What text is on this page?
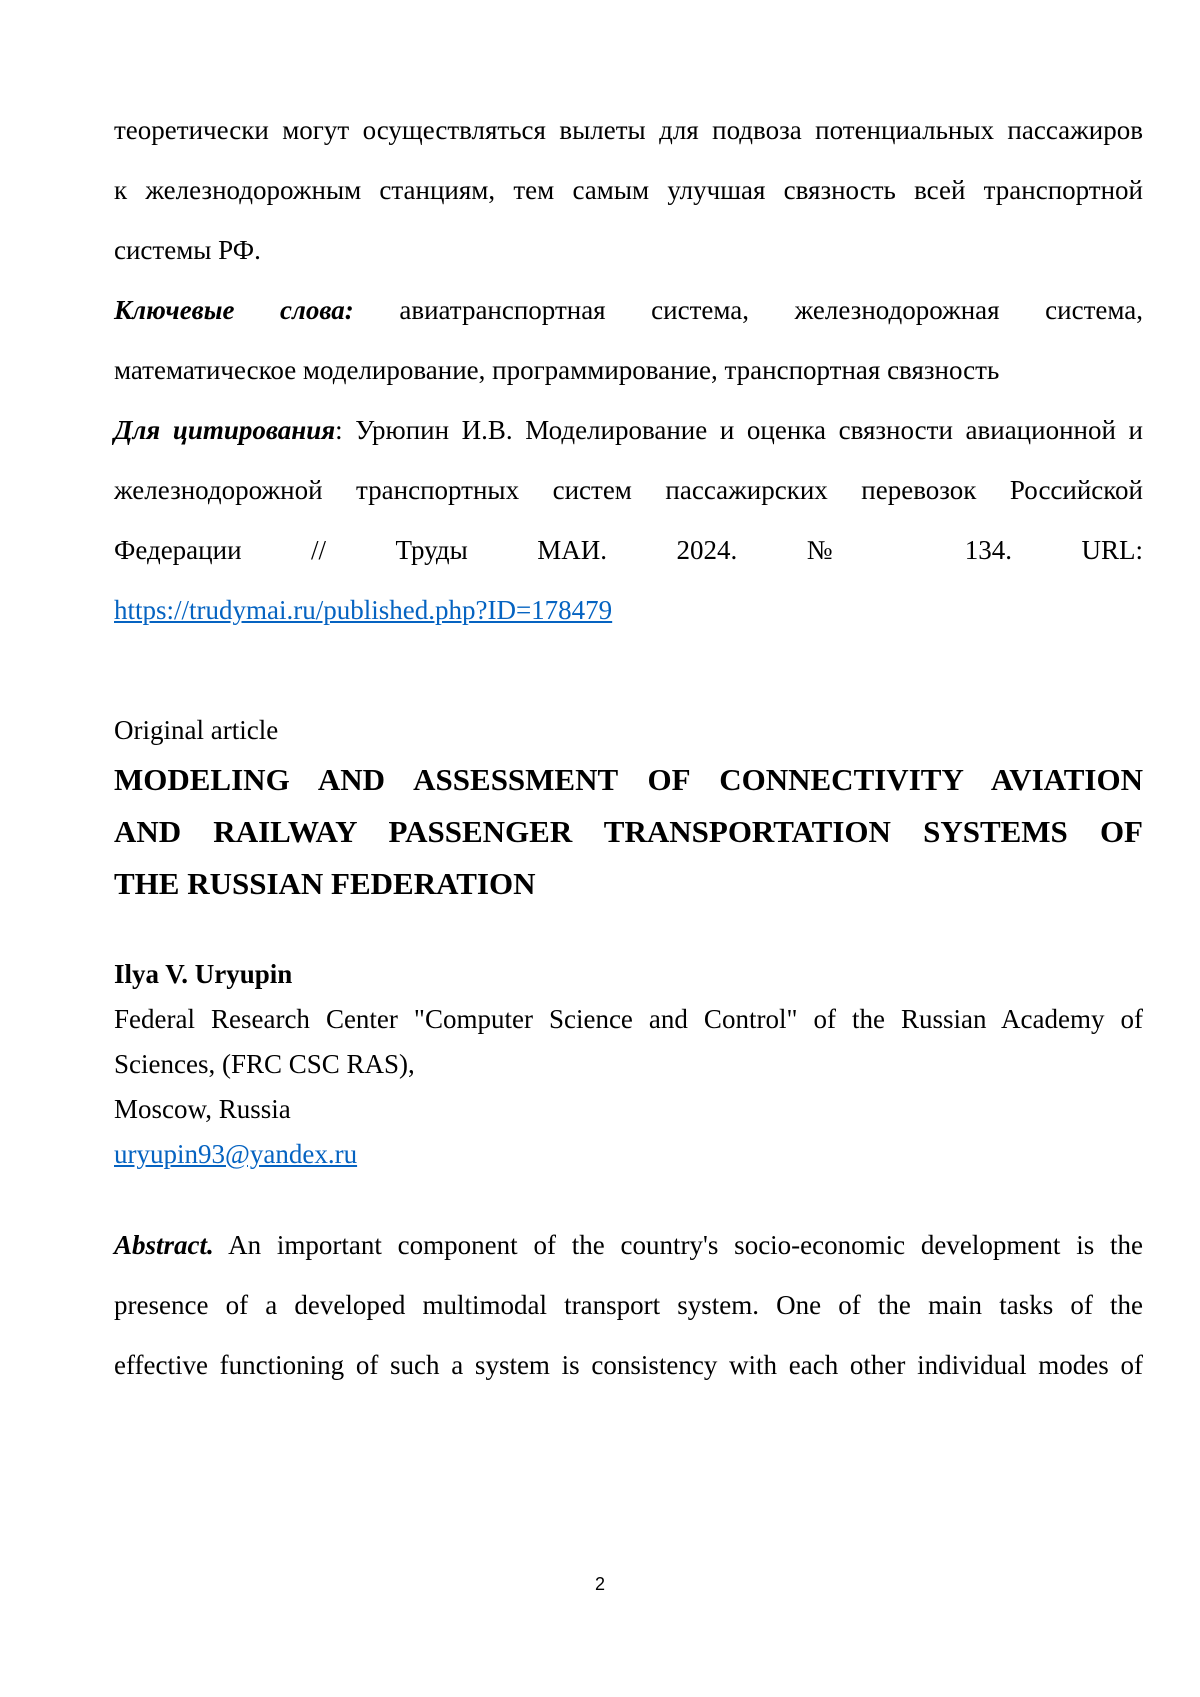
теоретически могут осуществляться вылеты для подвоза потенциальных пассажиров
к железнодорожным станциям, тем самым улучшая связность всей транспортной
системы РФ.
Ключевые слова: авиатранспортная система, железнодорожная система,
математическое моделирование, программирование, транспортная связность
Для цитирования: Урюпин И.В. Моделирование и оценка связности авиационной и
железнодорожной транспортных систем пассажирских перевозок Российской
Федерации // Труды МАИ. 2024. № 134. URL:
https://trudymai.ru/published.php?ID=178479
Original article
MODELING AND ASSESSMENT OF CONNECTIVITY AVIATION
AND RAILWAY PASSENGER TRANSPORTATION SYSTEMS OF
THE RUSSIAN FEDERATION
Ilya V. Uryupin
Federal Research Center "Computer Science and Control" of the Russian Academy of
Sciences, (FRC CSC RAS),
Moscow, Russia
uryupin93@yandex.ru
Abstract. An important component of the country's socio-economic development is the
presence of a developed multimodal transport system. One of the main tasks of the
effective functioning of such a system is consistency with each other individual modes of
2
